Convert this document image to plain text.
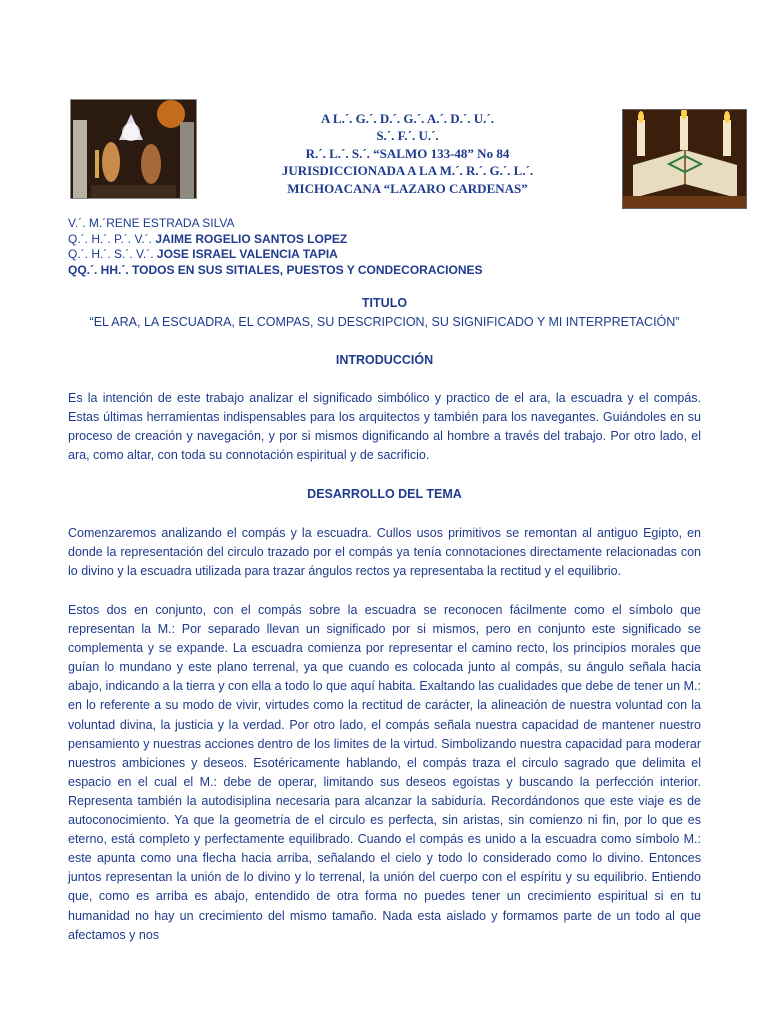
A L.´. G.´. D.´. G.´. A.´. D.´. U.´.
S.´. F.´. U.´.
R.´. L.´. S.´. “SALMO 133-48” No 84
JURISDICCIONADA A LA M.´. R.´. G.´. L.´.
MICHOACANA “LAZARO CARDENAS”
V.´. M.´RENE ESTRADA SILVA
Q.´. H.´. P.´. V.´. JAIME ROGELIO SANTOS LOPEZ
Q.´. H.´. S.´. V.´. JOSE ISRAEL VALENCIA TAPIA
QQ.´. HH.´. TODOS EN SUS SITIALES, PUESTOS Y CONDECORACIONES
TITULO
“EL ARA, LA ESCUADRA, EL COMPAS, SU DESCRIPCION, SU SIGNIFICADO Y MI INTERPRETACIÓN”
INTRODUCCIÓN
Es la intención de este trabajo analizar el significado simbólico y practico de el ara, la escuadra y el compás. Estas últimas herramientas indispensables para los arquitectos y también para los navegantes. Guiándoles en su proceso de creación y navegación, y por si mismos dignificando al hombre a través del trabajo. Por otro lado, el ara, como altar, con toda su connotación espiritual y de sacrificio.
DESARROLLO DEL TEMA
Comenzaremos analizando el compás y la escuadra. Cullos usos primitivos se remontan al antiguo Egipto, en donde la representación del circulo trazado por el compás ya tenía connotaciones directamente relacionadas con lo divino y la escuadra utilizada para trazar ángulos rectos ya representaba la rectitud y el equilibrio.
Estos dos en conjunto, con el compás sobre la escuadra se reconocen fácilmente como el símbolo que representan la M.: Por separado llevan un significado por si mismos, pero en conjunto este significado se complementa y se expande. La escuadra comienza por representar el camino recto, los principios morales que guían lo mundano y este plano terrenal, ya que cuando es colocada junto al compás, su ángulo señala hacia abajo, indicando a la tierra y con ella a todo lo que aquí habita. Exaltando las cualidades que debe de tener un M.: en lo referente a su modo de vivir, virtudes como la rectitud de carácter, la alineación de nuestra voluntad con la voluntad divina, la justicia y la verdad. Por otro lado, el compás señala nuestra capacidad de mantener nuestro pensamiento y nuestras acciones dentro de los limites de la virtud. Simbolizando nuestra capacidad para moderar nuestros ambiciones y deseos. Esotéricamente hablando, el compás traza el circulo sagrado que delimita el espacio en el cual el M.: debe de operar, limitando sus deseos egoístas y buscando la perfección interior. Representa también la autodisiplina necesaria para alcanzar la sabiduría. Recordándonos que este viaje es de autoconocimiento. Ya que la geometría de el circulo es perfecta, sin aristas, sin comienzo ni fin, por lo que es eterno, está completo y perfectamente equilibrado. Cuando el compás es unido a la escuadra como símbolo M.: este apunta como una flecha hacia arriba, señalando el cielo y todo lo considerado como lo divino. Entonces juntos representan la unión de lo divino y lo terrenal, la unión del cuerpo con el espíritu y su equilibrio. Entiendo que, como es arriba es abajo, entendido de otra forma no puedes tener un crecimiento espiritual si en tu humanidad no hay un crecimiento del mismo tamaño. Nada esta aislado y formamos parte de un todo al que afectamos y nos
